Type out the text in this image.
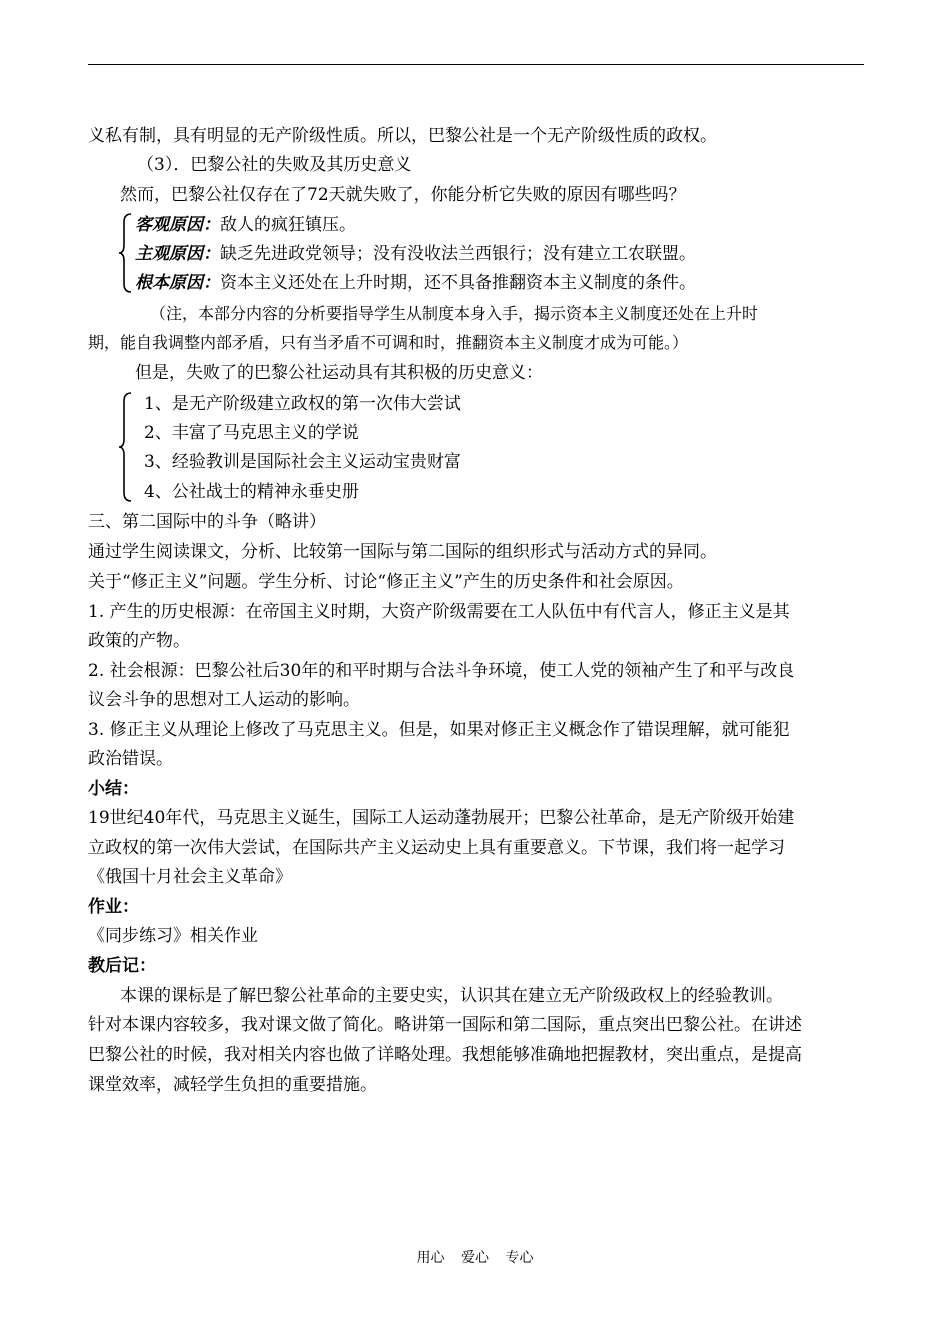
义私有制，具有明显的无产阶级性质。所以，巴黎公社是一个无产阶级性质的政权。
（3）．巴黎公社的失败及其历史意义
然而，巴黎公社仅存在了72天就失败了，你能分析它失败的原因有哪些吗？
客观原因：敌人的疯狂镇压。
主观原因：缺乏先进政党领导；没有没收法兰西银行；没有建立工农联盟。
根本原因：资本主义还处在上升时期，还不具备推翻资本主义制度的条件。
（注，本部分内容的分析要指导学生从制度本身入手，揭示资本主义制度还处在上升时
期，能自我调整内部矛盾，只有当矛盾不可调和时，推翻资本主义制度才成为可能。）
但是，失败了的巴黎公社运动具有其积极的历史意义：
1、是无产阶级建立政权的第一次伟大尝试
2、丰富了马克思主义的学说
3、经验教训是国际社会主义运动宝贵财富
4、公社战士的精神永垂史册
三、第二国际中的斗争（略讲）
通过学生阅读课文，分析、比较第一国际与第二国际的组织形式与活动方式的异同。
关于“修正主义”问题。学生分析、讨论“修正主义”产生的历史条件和社会原因。
1. 产生的历史根源：在帝国主义时期，大资产阶级需要在工人队伍中有代言人，修正主义是其
政策的产物。
2. 社会根源：巴黎公社后30年的和平时期与合法斗争环境，使工人党的领袖产生了和平与改良
议会斗争的思想对工人运动的影响。
3. 修正主义从理论上修改了马克思主义。但是，如果对修正主义概念作了错误理解，就可能犯
政治错误。
小结：
19世纪40年代，马克思主义诞生，国际工人运动蓬勃展开；巴黎公社革命，是无产阶级开始建
立政权的第一次伟大尝试，在国际共产主义运动史上具有重要意义。下节课，我们将一起学习
《俄国十月社会主义革命》
作业：
《同步练习》相关作业
教后记：
本课的课标是了解巴黎公社革命的主要史实，认识其在建立无产阶级政权上的经验教训。
针对本课内容较多，我对课文做了简化。略讲第一国际和第二国际，重点突出巴黎公社。在讲述
巴黎公社的时候，我对相关内容也做了详略处理。我想能够准确地把握教材，突出重点，是提高
课堂效率，减轻学生负担的重要措施。
用心 爱心 专心
